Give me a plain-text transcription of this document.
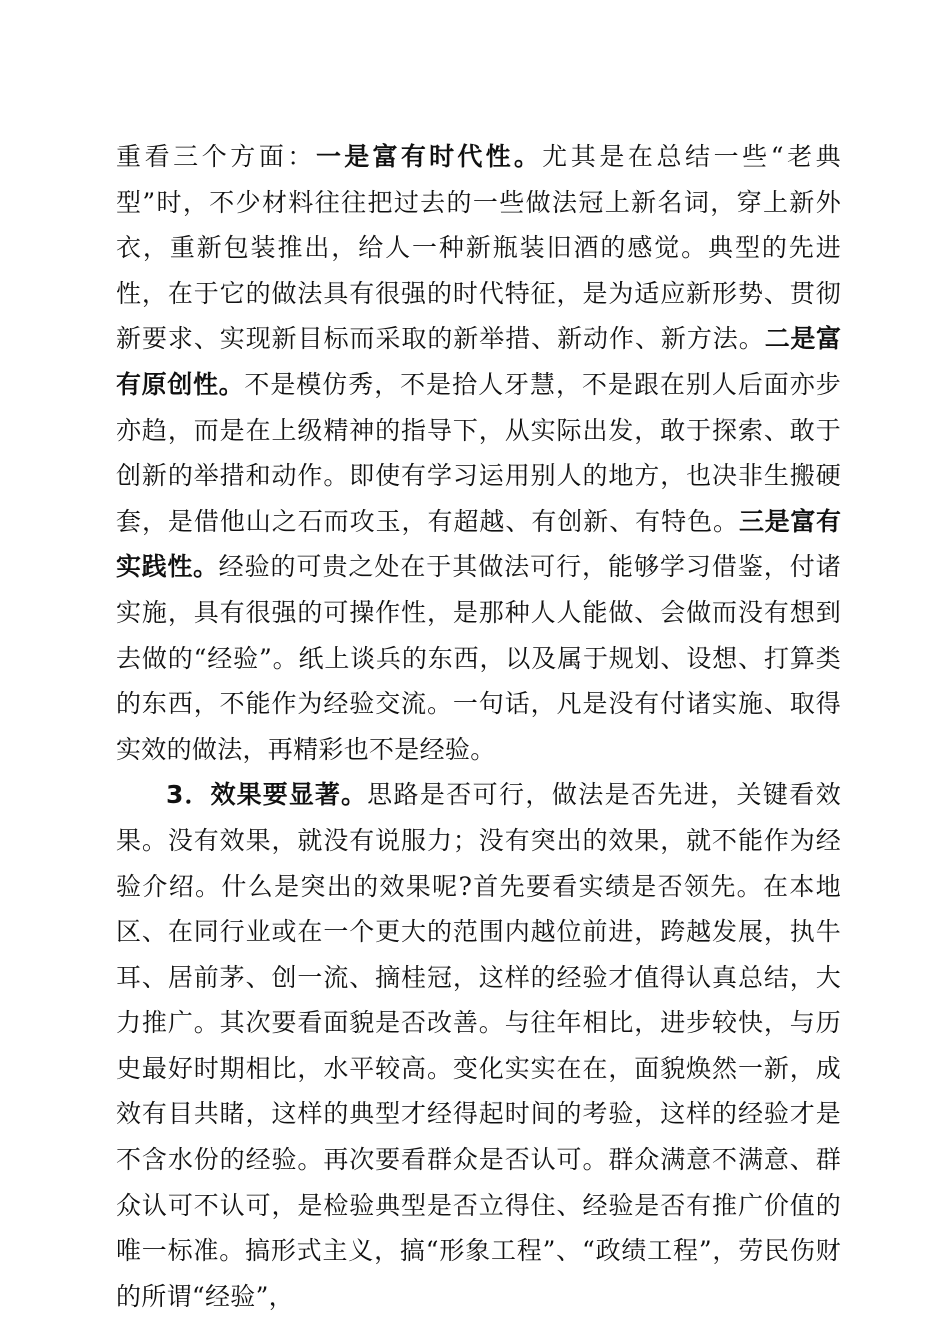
重看三个方面：一是富有时代性。尤其是在总结一些“老典型”时，不少材料往往把过去的一些做法冠上新名词，穿上新外衣，重新包装推出，给人一种新瓶装旧酒的感觉。典型的先进性，在于它的做法具有很强的时代特征，是为适应新形势、贯彻新要求、实现新目标而采取的新举措、新动作、新方法。二是富有原创性。不是模仿秀，不是拾人牙慧，不是跟在别人后面亦步亦趋，而是在上级精神的指导下，从实际出发，敢于探索、敢于创新的举措和动作。即使有学习运用别人的地方，也决非生搬硬套，是借他山之石而攻玉，有超越、有创新、有特色。三是富有实践性。经验的可贵之处在于其做法可行，能够学习借鉴，付诸实施，具有很强的可操作性，是那种人人能做、会做而没有想到去做的“经验”。纸上谈兵的东西，以及属于规划、设想、打算类的东西，不能作为经验交流。一句话，凡是没有付诸实施、取得实效的做法，再精彩也不是经验。

3．效果要显著。思路是否可行，做法是否先进，关键看效果。没有效果，就没有说服力；没有突出的效果，就不能作为经验介绍。什么是突出的效果呢?首先要看实绩是否领先。在本地区、在同行业或在一个更大的范围内越位前进，跨越发展，执牛耳、居前茅、创一流、摘桂冠，这样的经验才值得认真总结，大力推广。其次要看面貌是否改善。与往年相比，进步较快，与历史最好时期相比，水平较高。变化实实在在，面貌焕然一新，成效有目共睹，这样的典型才经得起时间的考验，这样的经验才是不含水份的经验。再次要看群众是否认可。群众满意不满意、群众认可不认可，是检验典型是否立得住、经验是否有推广价值的唯一标准。搞形式主义，搞“形象工程”、“政绩工程”，劳民伤财的所谓“经验”，
